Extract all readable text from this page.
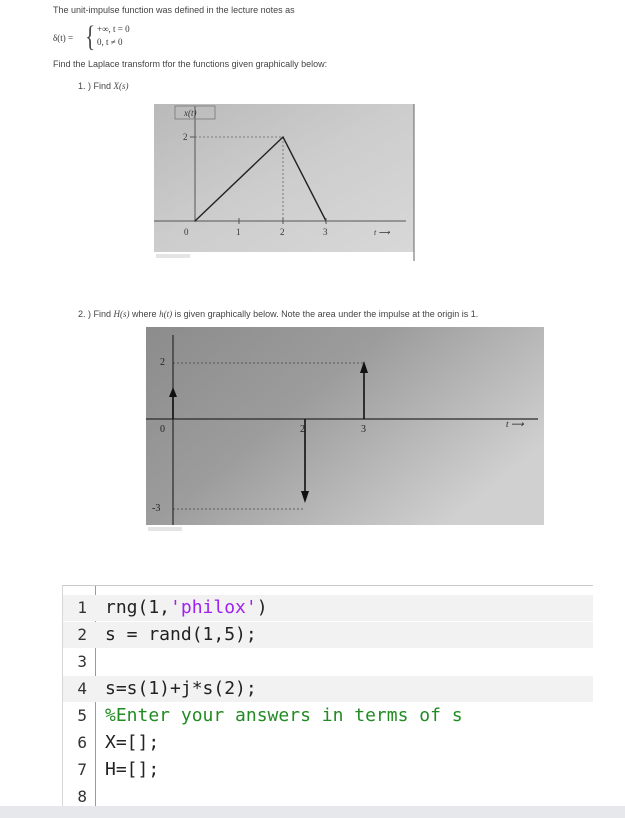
The unit-impulse function was defined in the lecture notes as
δ(t) = { +∞, t = 0
0, t ≠ 0
Find the Laplace transform tfor the functions given graphically below:
1. ) Find X(s)
x(t)
2
0	1	2	3	t ⟶
2. ) Find H(s) where h(t) is given graphically below. Note the area under the impulse at the origin is 1.
2
0
-3
2	3	t ⟶
1 rng(1,'philox')
2 s = rand(1,5);
3
4 s=s(1)+j*s(2);
5 %Enter your answers in terms of s
6 X=[];
7 H=[];
8
